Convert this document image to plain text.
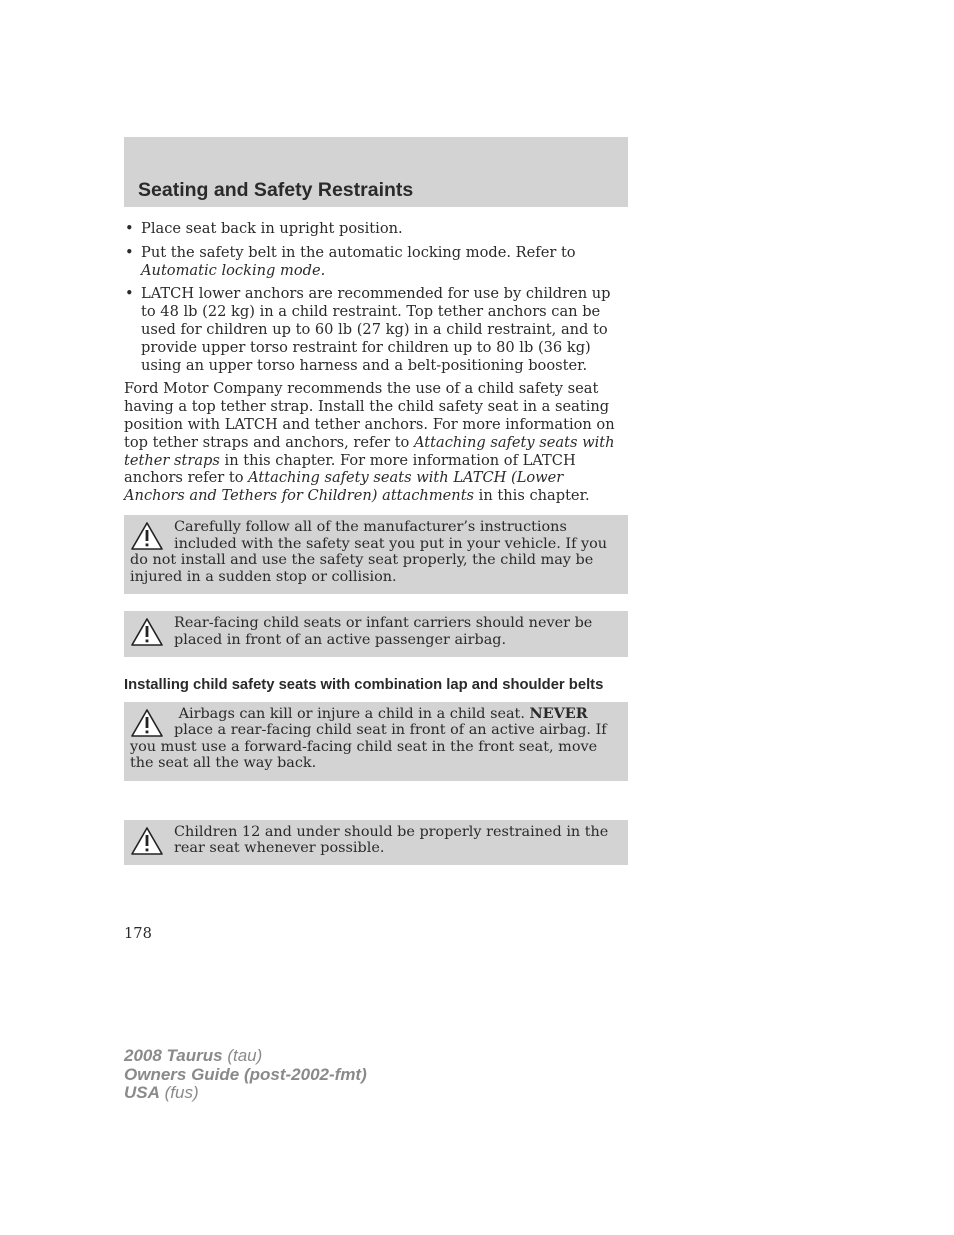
Seating and Safety Restraints
• Place seat back in upright position.
• Put the safety belt in the automatic locking mode. Refer to Automatic locking mode.
• LATCH lower anchors are recommended for use by children up to 48 lb (22 kg) in a child restraint. Top tether anchors can be used for children up to 60 lb (27 kg) in a child restraint, and to provide upper torso restraint for children up to 80 lb (36 kg) using an upper torso harness and a belt-positioning booster.

Ford Motor Company recommends the use of a child safety seat having a top tether strap. Install the child safety seat in a seating position with LATCH and tether anchors. For more information on top tether straps and anchors, refer to Attaching safety seats with tether straps in this chapter. For more information of LATCH anchors refer to Attaching safety seats with LATCH (Lower Anchors and Tethers for Children) attachments in this chapter.

Carefully follow all of the manufacturer’s instructions included with the safety seat you put in your vehicle. If you do not install and use the safety seat properly, the child may be injured in a sudden stop or collision.
Rear-facing child seats or infant carriers should never be placed in front of an active passenger airbag.
Installing child safety seats with combination lap and shoulder belts
Airbags can kill or injure a child in a child seat. NEVER place a rear-facing child seat in front of an active airbag. If you must use a forward-facing child seat in the front seat, move the seat all the way back.
Children 12 and under should be properly restrained in the rear seat whenever possible.
178
2008 Taurus (tau)
Owners Guide (post-2002-fmt)
USA (fus)
